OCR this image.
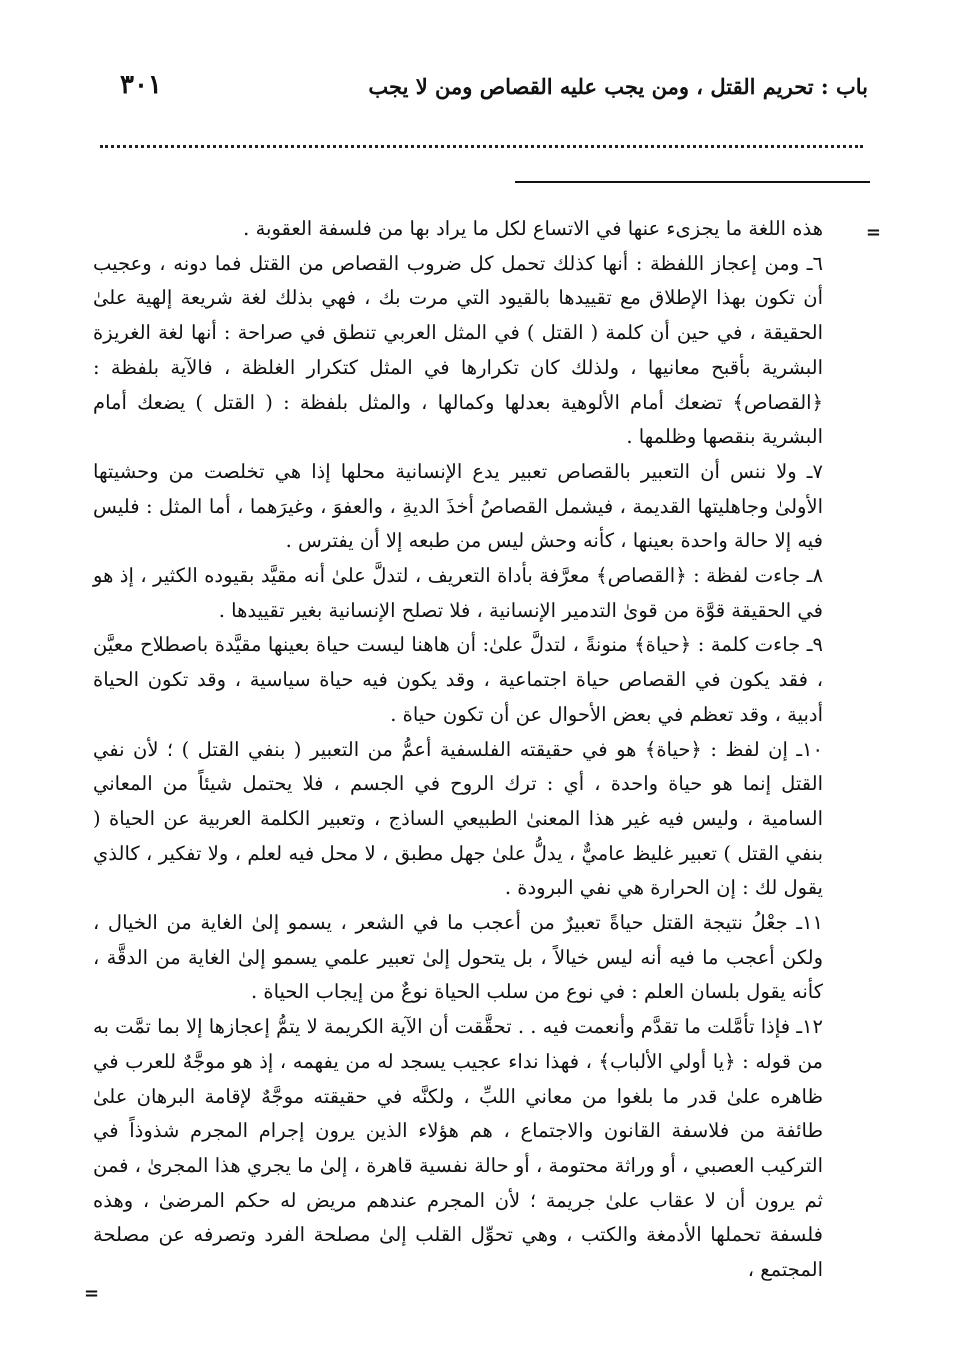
باب : تحريم القتل ، ومن يجب عليه القصاص ومن لا يجب
٣٠١
=

هذه اللغة ما يجزىء عنها في الاتساع لكل ما يراد بها من فلسفة العقوبة .

٦ـ ومن إعجاز اللفظة : أنها كذلك تحمل كل ضروب القصاص من القتل فما دونه ، وعجيب أن تكون بهذا الإطلاق مع تقييدها بالقيود التي مرت بك ، فهي بذلك لغة شريعة إلهية علىٰ الحقيقة ، في حين أن كلمة ( القتل ) في المثل العربي تنطق في صراحة : أنها لغة الغريزة البشرية بأقبح معانيها ، ولذلك كان تكرارها في المثل كتكرار الغلظة ، فالآية بلفظة : ﴿القصاص﴾ تضعك أمام الألوهية بعدلها وكمالها ، والمثل بلفظة : ( القتل ) يضعك أمام البشرية بنقصها وظلمها .

٧ـ ولا ننس أن التعبير بالقصاص تعبير يدع الإنسانية محلها إذا هي تخلصت من وحشيتها الأولىٰ وجاهليتها القديمة ، فيشمل القصاصُ أخذَ الديةِ ، والعفوَ ، وغيرَهما ، أما المثل : فليس فيه إلا حالة واحدة بعينها ، كأنه وحش ليس من طبعه إلا أن يفترس .

٨ـ جاءت لفظة : ﴿القصاص﴾ معرَّفة بأداة التعريف ، لتدلَّ علىٰ أنه مقيَّد بقيوده الكثير ، إذ هو في الحقيقة قوَّة من قوىٰ التدمير الإنسانية ، فلا تصلح الإنسانية بغير تقييدها .

٩ـ جاءت كلمة : ﴿حياة﴾ منونةً ، لتدلَّ علىٰ: أن هاهنا ليست حياة بعينها مقيَّدة باصطلاح معيَّن ، فقد يكون في القصاص حياة اجتماعية ، وقد يكون فيه حياة سياسية ، وقد تكون الحياة أدبية ، وقد تعظم في بعض الأحوال عن أن تكون حياة .

١٠ـ إن لفظ : ﴿حياة﴾ هو في حقيقته الفلسفية أعمُّ من التعبير ( بنفي القتل ) ؛ لأن نفي القتل إنما هو حياة واحدة ، أي : ترك الروح في الجسم ، فلا يحتمل شيئاً من المعاني السامية ، وليس فيه غير هذا المعنىٰ الطبيعي الساذج ، وتعبير الكلمة العربية عن الحياة ( بنفي القتل ) تعبير غليظ عاميٌّ ، يدلُّ علىٰ جهل مطبق ، لا محل فيه لعلم ، ولا تفكير ، كالذي يقول لك : إن الحرارة هي نفي البرودة .

١١ـ جعْلُ نتيجة القتل حياةً تعبيرٌ من أعجب ما في الشعر ، يسمو إلىٰ الغاية من الخيال ، ولكن أعجب ما فيه أنه ليس خيالاً ، بل يتحول إلىٰ تعبير علمي يسمو إلىٰ الغاية من الدقَّة ، كأنه يقول بلسان العلم : في نوع من سلب الحياة نوعٌ من إيجاب الحياة .

١٢ـ فإذا تأمَّلت ما تقدَّم وأنعمت فيه . . تحقَّقت أن الآية الكريمة لا يتمُّ إعجازها إلا بما تمَّت به من قوله : ﴿يا أولي الألباب﴾ ، فهذا نداء عجيب يسجد له من يفهمه ، إذ هو موجَّهٌ للعرب في ظاهره علىٰ قدر ما بلغوا من معاني اللبِّ ، ولكنَّه في حقيقته موجَّهٌ لإقامة البرهان علىٰ طائفة من فلاسفة القانون والاجتماع ، هم هؤلاء الذين يرون إجرام المجرم شذوذاً في التركيب العصبي ، أو وراثة محتومة ، أو حالة نفسية قاهرة ، إلىٰ ما يجري هذا المجرىٰ ، فمن ثم يرون أن لا عقاب علىٰ جريمة ؛ لأن المجرم عندهم مريض له حكم المرضىٰ ، وهذه فلسفة تحملها الأدمغة والكتب ، وهي تحوِّل القلب إلىٰ مصلحة الفرد وتصرفه عن مصلحة المجتمع ،

=
